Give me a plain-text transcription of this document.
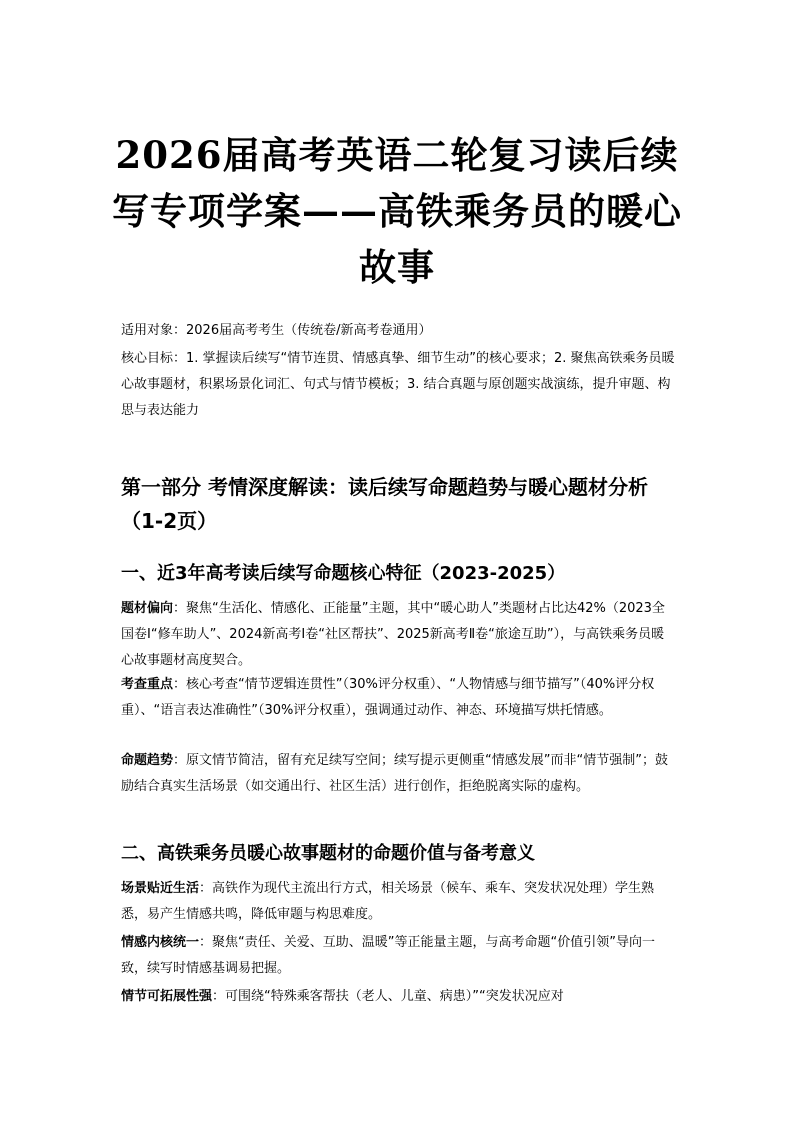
2026届高考英语二轮复习读后续写专项学案——高铁乘务员的暖心故事
适用对象：2026届高考考生（传统卷/新高考卷通用）
核心目标：1. 掌握读后续写“情节连贯、情感真挚、细节生动”的核心要求；2. 聚焦高铁乘务员暖心故事题材，积累场景化词汇、句式与情节模板；3. 结合真题与原创题实战演练，提升审题、构思与表达能力
第一部分 考情深度解读：读后续写命题趋势与暖心题材分析（1-2页）
一、近3年高考读后续写命题核心特征（2023-2025）
题材偏向：聚焦“生活化、情感化、正能量”主题，其中“暖心助人”类题材占比达42%（2023全国卷Ⅰ“修车助人”、2024新高考Ⅰ卷“社区帮扶”、2025新高考Ⅱ卷“旅途互助”），与高铁乘务员暖心故事题材高度契合。
考查重点：核心考查“情节逻辑连贯性”（30%评分权重）、“人物情感与细节描写”（40%评分权重）、“语言表达准确性”（30%评分权重），强调通过动作、神态、环境描写烘托情感。
命题趋势：原文情节简洁，留有充足续写空间；续写提示更侧重“情感发展”而非“情节强制”；鼓励结合真实生活场景（如交通出行、社区生活）进行创作，拒绝脱离实际的虚构。
二、高铁乘务员暖心故事题材的命题价值与备考意义
场景贴近生活：高铁作为现代主流出行方式，相关场景（候车、乘车、突发状况处理）学生熟悉，易产生情感共鸣，降低审题与构思难度。
情感内核统一：聚焦“责任、关爱、互助、温暖”等正能量主题，与高考命题“价值引领”导向一致，续写时情感基调易把握。
情节可拓展性强：可围绕“特殊乘客帮扶（老人、儿童、病患）”“突发状况应对
